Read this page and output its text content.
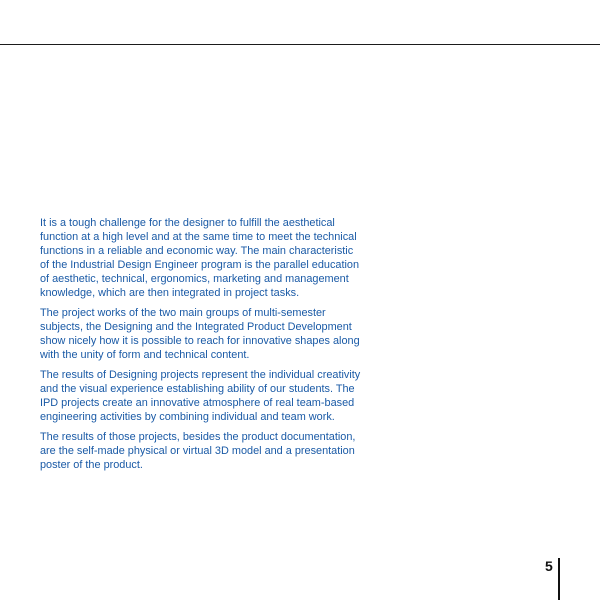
It is a tough challenge for the designer to fulfill the aesthetical
function at a high level and at the same time to meet the technical
functions in a reliable and economic way. The main characteristic
of the Industrial Design Engineer program is the parallel education
of aesthetic, technical, ergonomics, marketing and management
knowledge, which are then integrated in project tasks.

The project works of the two main groups of multi-semester
subjects, the Designing and the Integrated Product Development
show nicely how it is possible to reach for innovative shapes along
with the unity of form and technical content.

The results of Designing projects represent the individual creativity
and the visual experience establishing ability of our students. The
IPD projects create an innovative atmosphere of real team-based
engineering activities by combining individual and team work.

The results of those projects, besides the product documentation,
are the self-made physical or virtual 3D model and a presentation
poster of the product.

5
